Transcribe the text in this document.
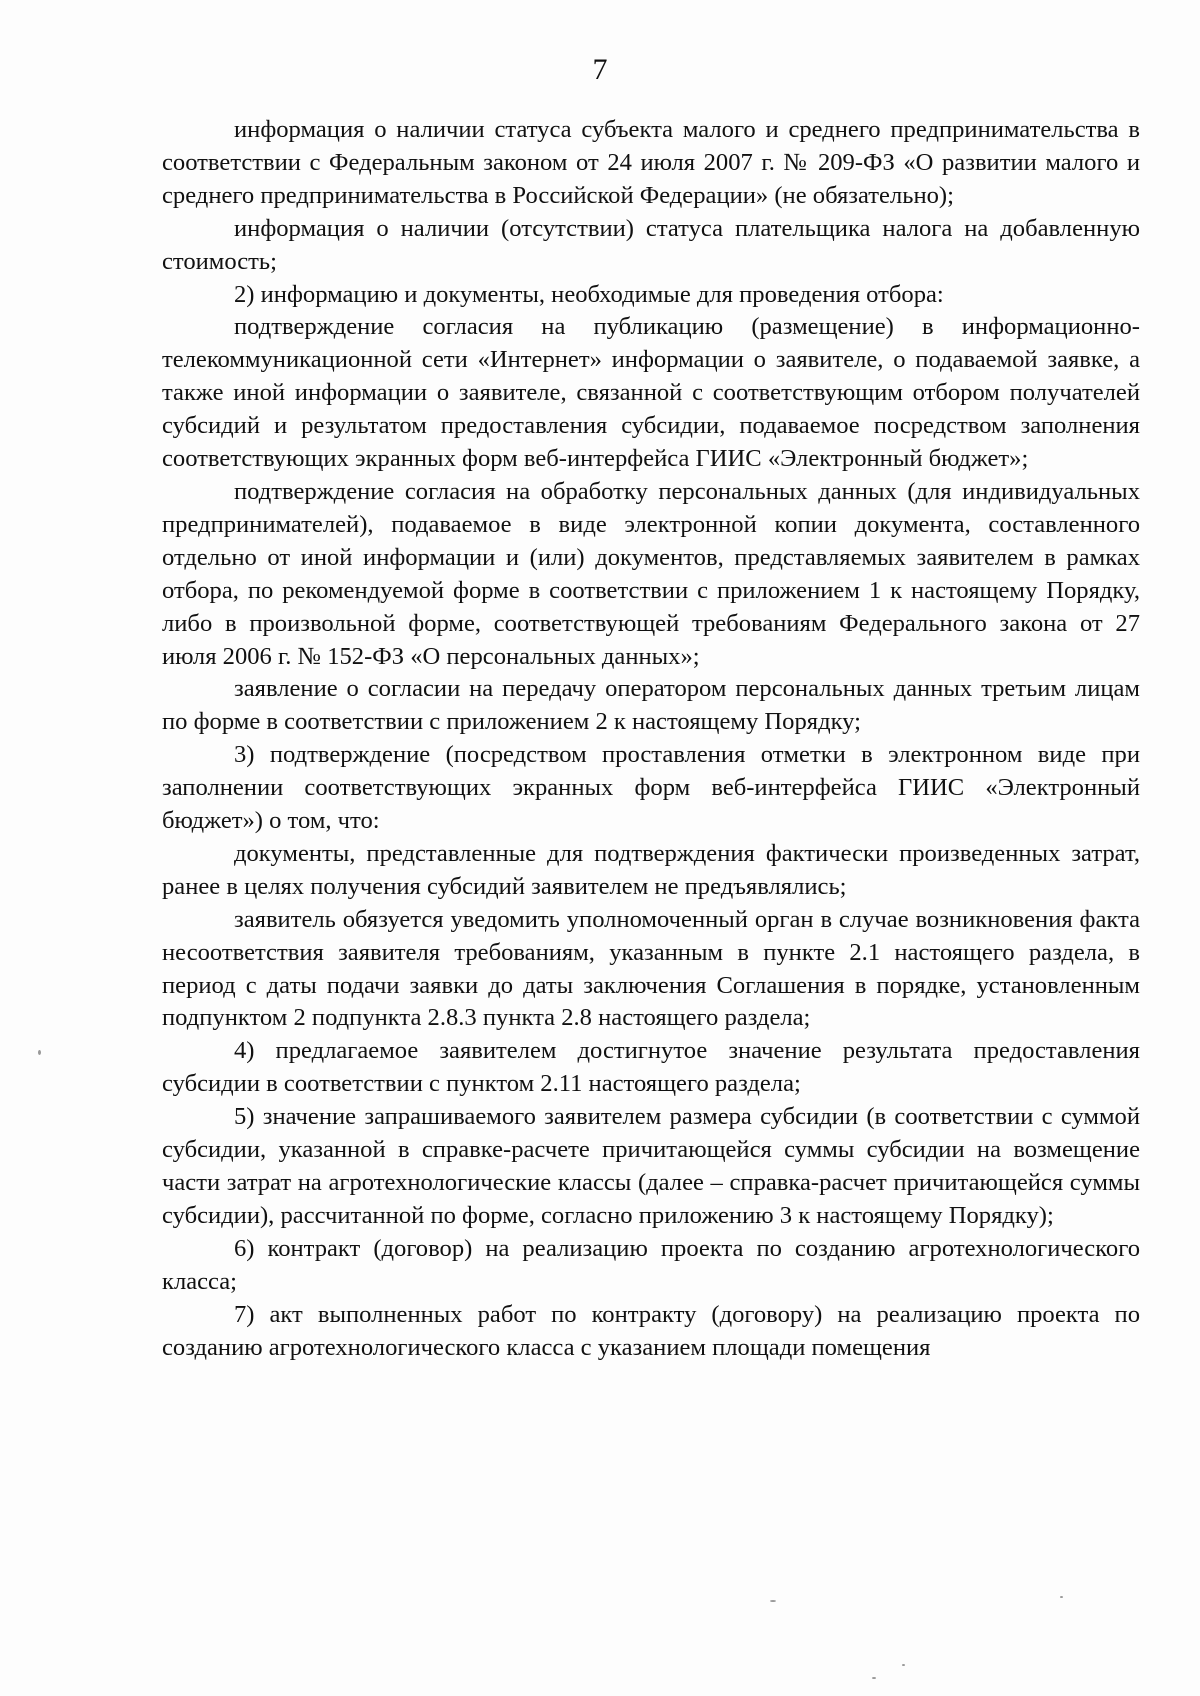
7

информация о наличии статуса субъекта малого и среднего предпринимательства в соответствии с Федеральным законом от 24 июля 2007 г. № 209-ФЗ «О развитии малого и среднего предпринимательства в Российской Федерации» (не обязательно);

информация о наличии (отсутствии) статуса плательщика налога на добавленную стоимость;

2) информацию и документы, необходимые для проведения отбора:

подтверждение согласия на публикацию (размещение) в информационно-телекоммуникационной сети «Интернет» информации о заявителе, о подаваемой заявке, а также иной информации о заявителе, связанной с соответствующим отбором получателей субсидий и результатом предоставления субсидии, подаваемое посредством заполнения соответствующих экранных форм веб-интерфейса ГИИС «Электронный бюджет»;

подтверждение согласия на обработку персональных данных (для индивидуальных предпринимателей), подаваемое в виде электронной копии документа, составленного отдельно от иной информации и (или) документов, представляемых заявителем в рамках отбора, по рекомендуемой форме в соответствии с приложением 1 к настоящему Порядку, либо в произвольной форме, соответствующей требованиям Федерального закона от 27 июля 2006 г. № 152-ФЗ «О персональных данных»;

заявление о согласии на передачу оператором персональных данных третьим лицам по форме в соответствии с приложением 2 к настоящему Порядку;

3) подтверждение (посредством проставления отметки в электронном виде при заполнении соответствующих экранных форм веб-интерфейса ГИИС «Электронный бюджет») о том, что:

документы, представленные для подтверждения фактически произведенных затрат, ранее в целях получения субсидий заявителем не предъявлялись;

заявитель обязуется уведомить уполномоченный орган в случае возникновения факта несоответствия заявителя требованиям, указанным в пункте 2.1 настоящего раздела, в период с даты подачи заявки до даты заключения Соглашения в порядке, установленным подпунктом 2 подпункта 2.8.3 пункта 2.8 настоящего раздела;

4) предлагаемое заявителем достигнутое значение результата предоставления субсидии в соответствии с пунктом 2.11 настоящего раздела;

5) значение запрашиваемого заявителем размера субсидии (в соответствии с суммой субсидии, указанной в справке-расчете причитающейся суммы субсидии на возмещение части затрат на агротехнологические классы (далее – справка-расчет причитающейся суммы субсидии), рассчитанной по форме, согласно приложению 3 к настоящему Порядку);

6) контракт (договор) на реализацию проекта по созданию агротехнологического класса;

7) акт выполненных работ по контракту (договору) на реализацию проекта по созданию агротехнологического класса с указанием площади помещения
